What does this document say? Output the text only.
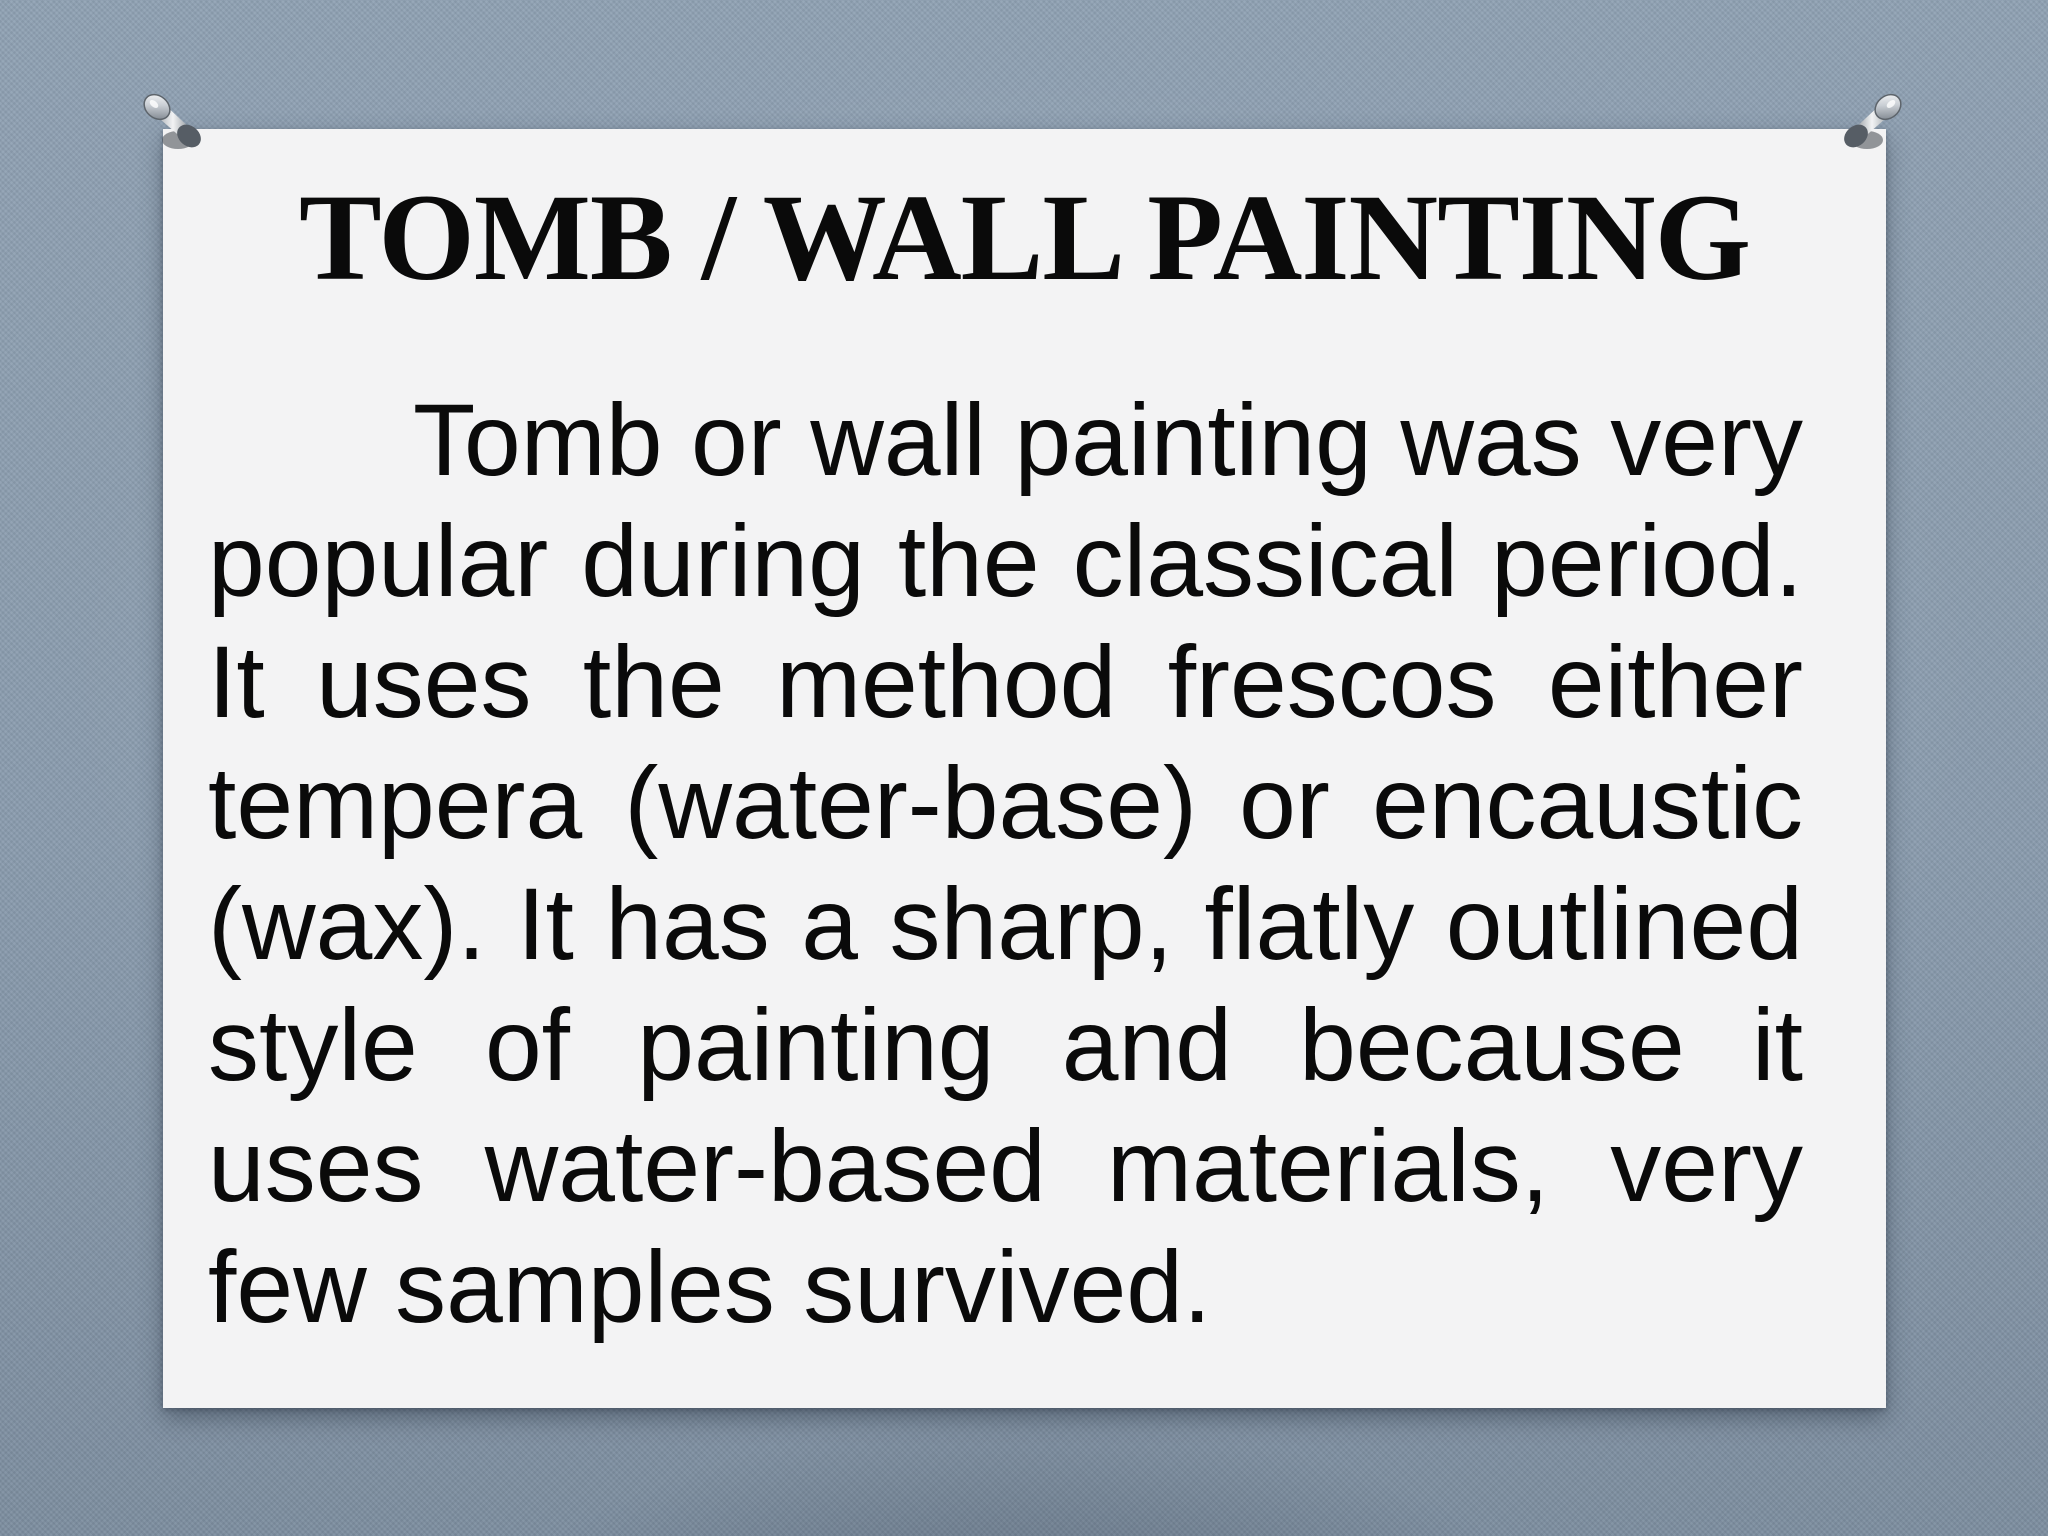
TOMB / WALL PAINTING

Tomb or wall painting was very popular during the classical period. It uses the method frescos either tempera (water-base) or encaustic (wax). It has a sharp, flatly outlined style of painting and because it uses water-based materials, very few samples survived.
